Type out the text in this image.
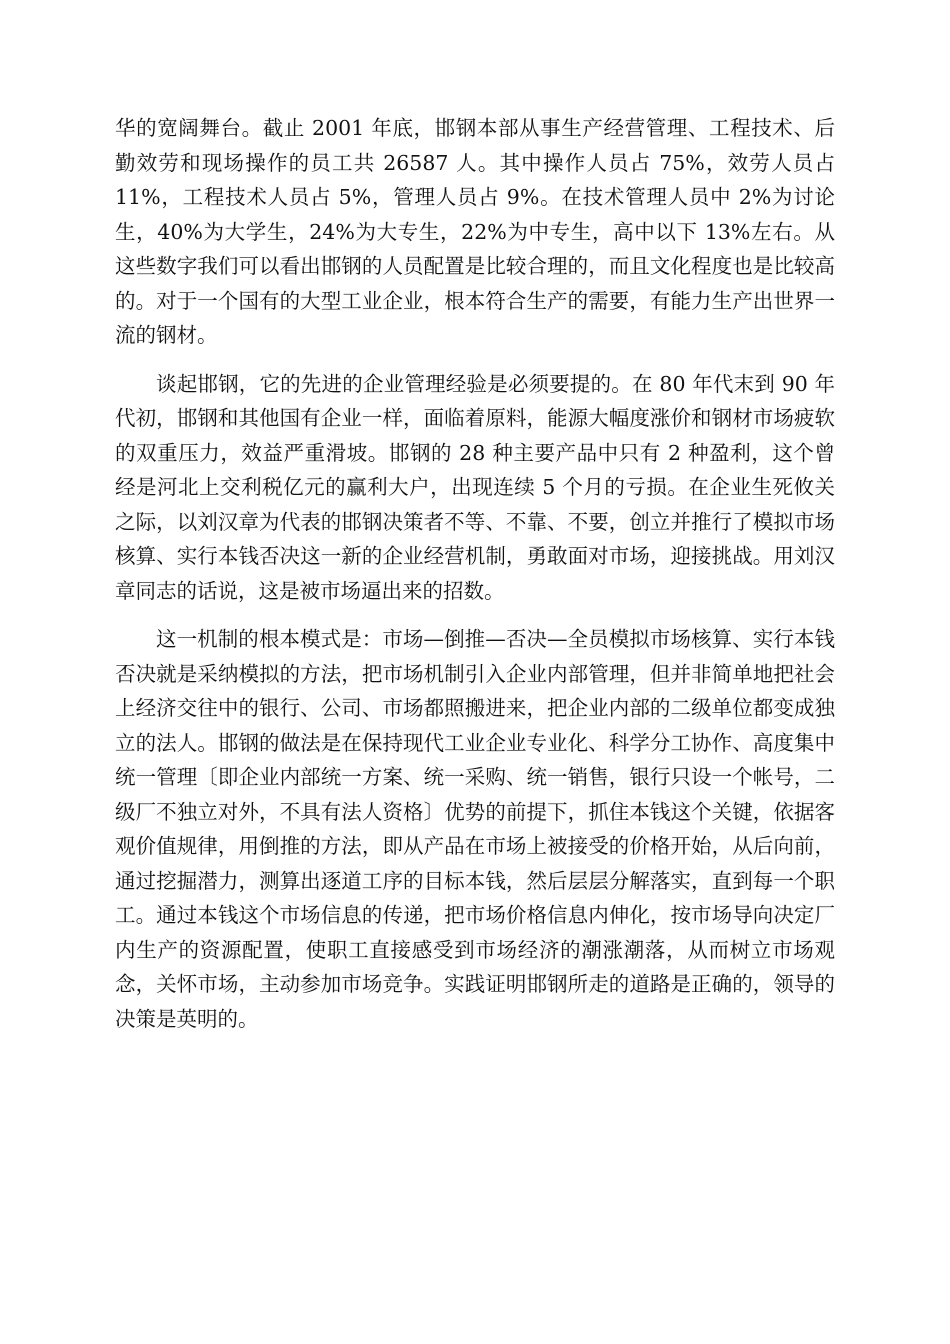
华的宽阔舞台。截止 2001 年底，邯钢本部从事生产经营管理、工程技术、后勤效劳和现场操作的员工共 26587 人。其中操作人员占 75%，效劳人员占 11%，工程技术人员占 5%，管理人员占 9%。在技术管理人员中 2%为讨论生，40%为大学生，24%为大专生，22%为中专生，高中以下 13%左右。从这些数字我们可以看出邯钢的人员配置是比较合理的，而且文化程度也是比较高的。对于一个国有的大型工业企业，根本符合生产的需要，有能力生产出世界一流的钢材。

谈起邯钢，它的先进的企业管理经验是必须要提的。在 80 年代末到 90 年代初，邯钢和其他国有企业一样，面临着原料，能源大幅度涨价和钢材市场疲软的双重压力，效益严重滑坡。邯钢的 28 种主要产品中只有 2 种盈利，这个曾经是河北上交利税亿元的赢利大户，出现连续 5 个月的亏损。在企业生死攸关之际，以刘汉章为代表的邯钢决策者不等、不靠、不要，创立并推行了模拟市场核算、实行本钱否决这一新的企业经营机制，勇敢面对市场，迎接挑战。用刘汉章同志的话说，这是被市场逼出来的招数。

这一机制的根本模式是：市场—倒推—否决—全员模拟市场核算、实行本钱否决就是采纳模拟的方法，把市场机制引入企业内部管理，但并非简单地把社会上经济交往中的银行、公司、市场都照搬进来，把企业内部的二级单位都变成独立的法人。邯钢的做法是在保持现代工业企业专业化、科学分工协作、高度集中统一管理〔即企业内部统一方案、统一采购、统一销售，银行只设一个帐号，二级厂不独立对外，不具有法人资格〕优势的前提下，抓住本钱这个关键，依据客观价值规律，用倒推的方法，即从产品在市场上被接受的价格开始，从后向前，通过挖掘潜力，测算出逐道工序的目标本钱，然后层层分解落实，直到每一个职工。通过本钱这个市场信息的传递，把市场价格信息内伸化，按市场导向决定厂内生产的资源配置，使职工直接感受到市场经济的潮涨潮落，从而树立市场观念，关怀市场，主动参加市场竞争。实践证明邯钢所走的道路是正确的，领导的决策是英明的。
